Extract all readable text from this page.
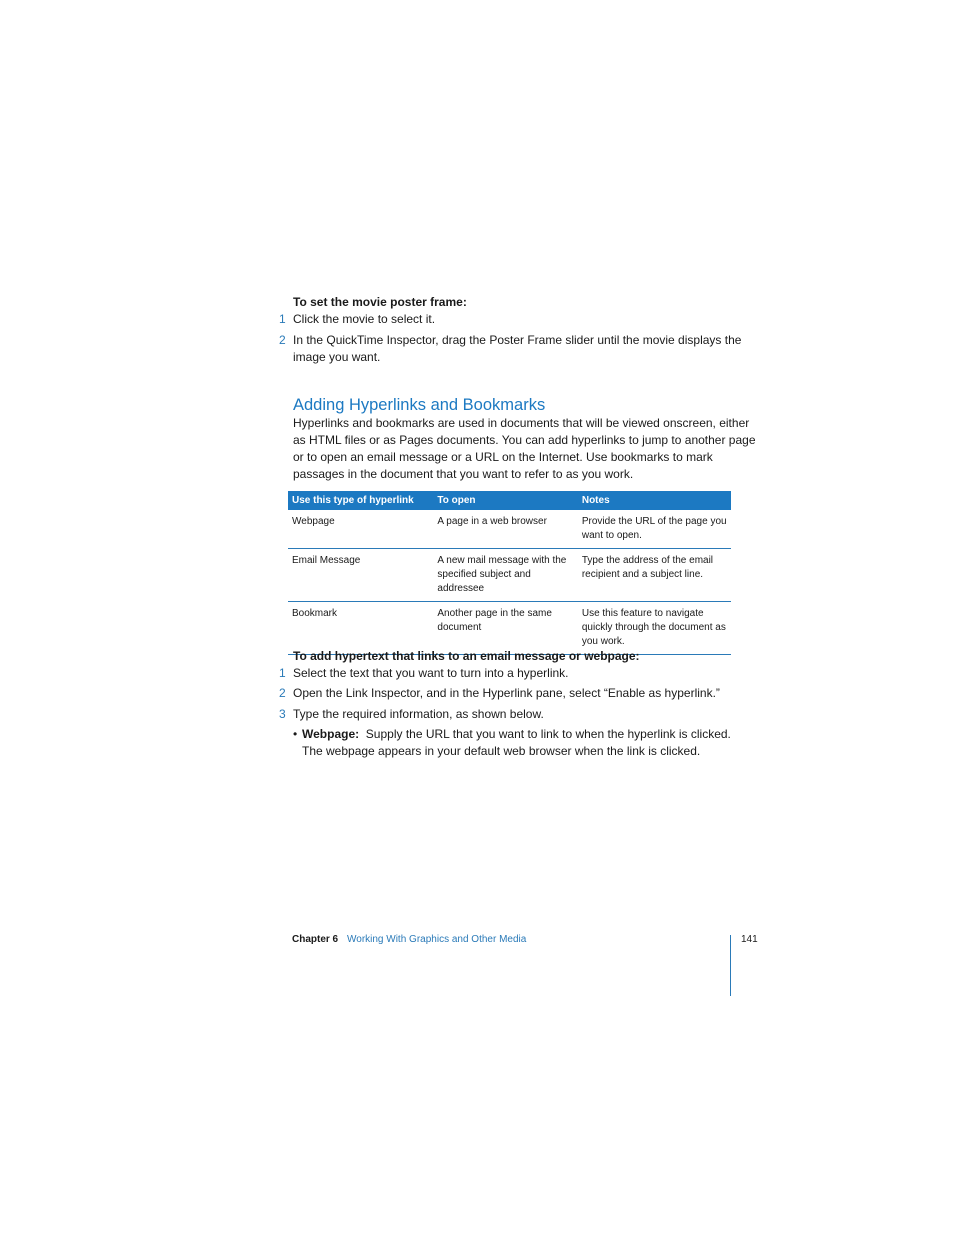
To set the movie poster frame:
1 Click the movie to select it.
2 In the QuickTime Inspector, drag the Poster Frame slider until the movie displays the
image you want.
Adding Hyperlinks and Bookmarks
Hyperlinks and bookmarks are used in documents that will be viewed onscreen, either
as HTML files or as Pages documents. You can add hyperlinks to jump to another page
or to open an email message or a URL on the Internet. Use bookmarks to mark
passages in the document that you want to refer to as you work.
Use this type of hyperlink	To open	Notes
Webpage	A page in a web browser	Provide the URL of the page you want to open.
Email Message	A new mail message with the specified subject and addressee	Type the address of the email recipient and a subject line.
Bookmark	Another page in the same document	Use this feature to navigate quickly through the document as you work.
To add hypertext that links to an email message or webpage:
1 Select the text that you want to turn into a hyperlink.
2 Open the Link Inspector, and in the Hyperlink pane, select “Enable as hyperlink.”
3 Type the required information, as shown below.
• Webpage: Supply the URL that you want to link to when the hyperlink is clicked.
The webpage appears in your default web browser when the link is clicked.
Chapter 6 Working With Graphics and Other Media	141
